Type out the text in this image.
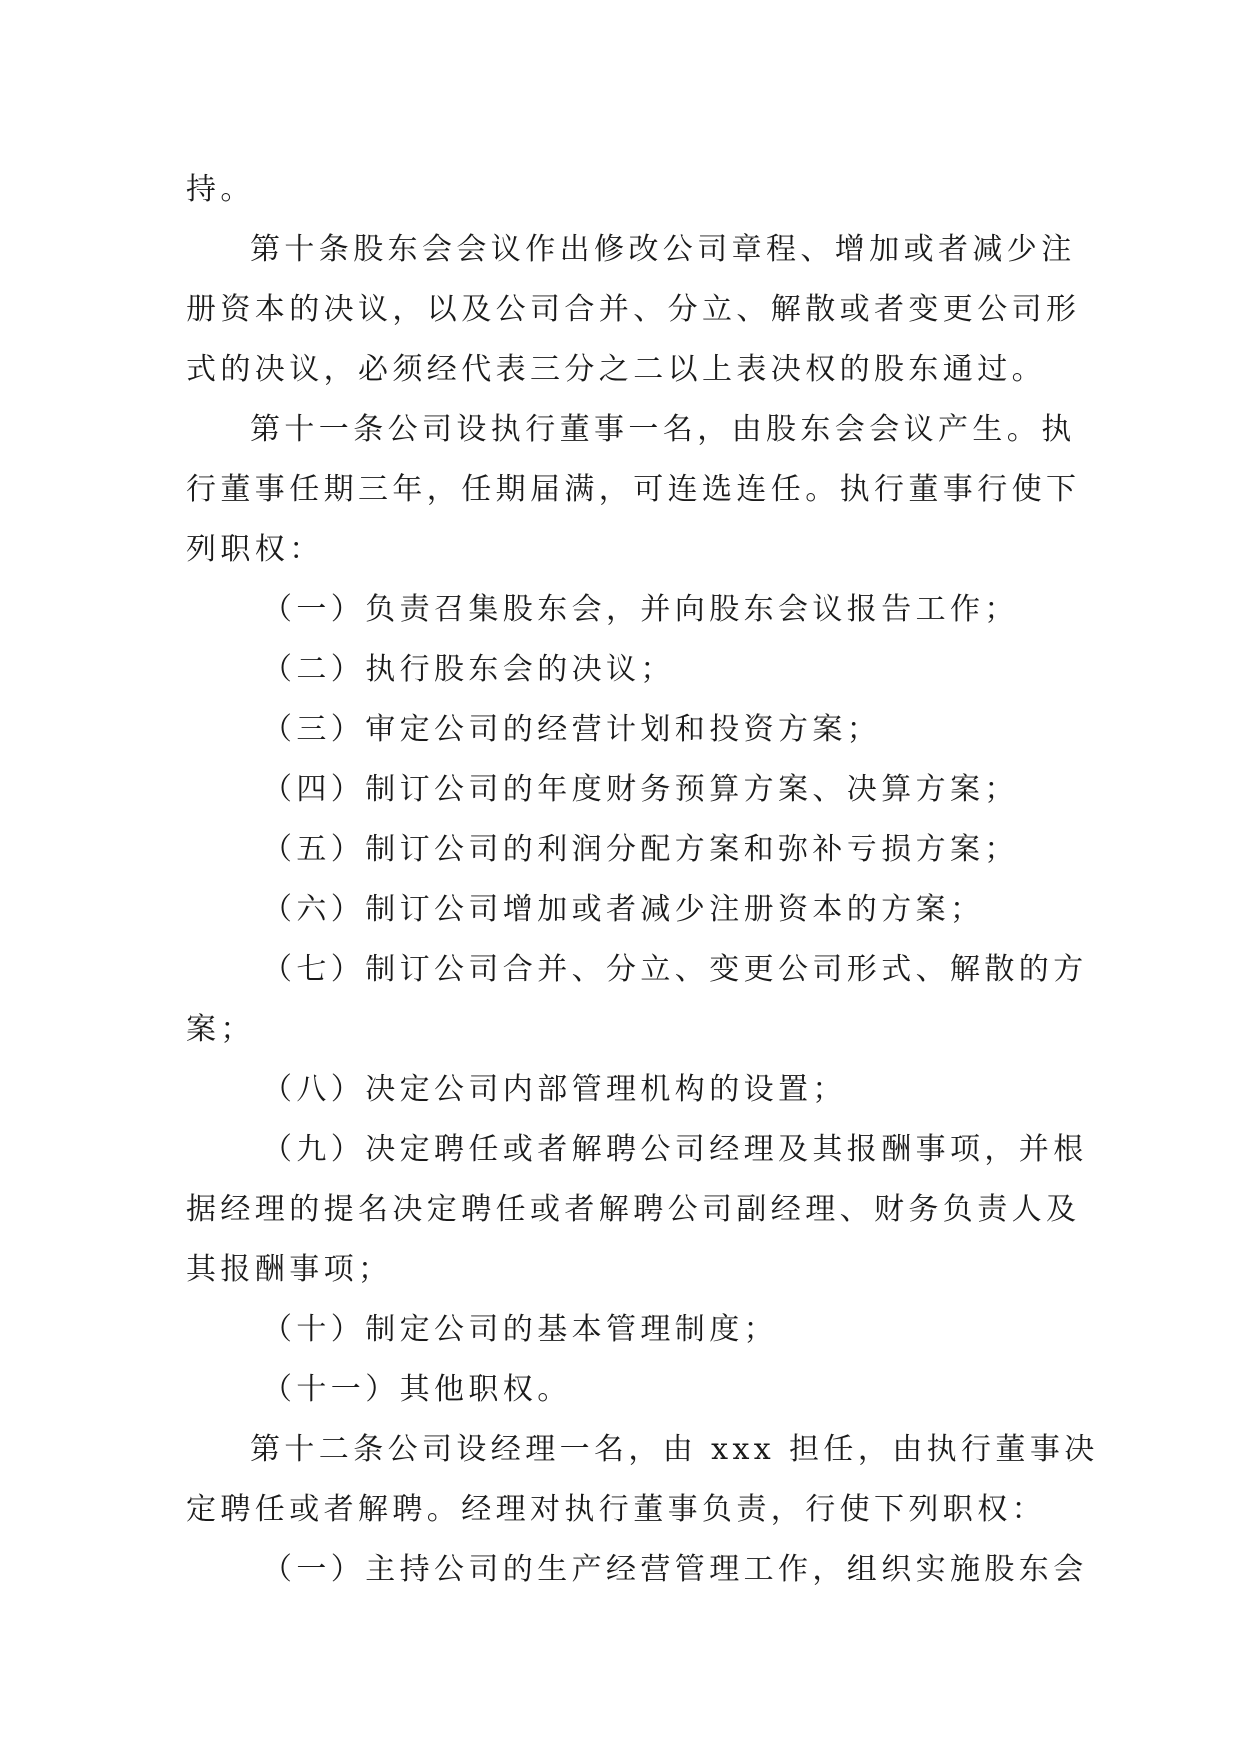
持。
第十条股东会会议作出修改公司章程、增加或者减少注
册资本的决议，以及公司合并、分立、解散或者变更公司形
式的决议，必须经代表三分之二以上表决权的股东通过。
第十一条公司设执行董事一名，由股东会会议产生。执
行董事任期三年，任期届满，可连选连任。执行董事行使下
列职权：
（一）负责召集股东会，并向股东会议报告工作；
（二）执行股东会的决议；
（三）审定公司的经营计划和投资方案；
（四）制订公司的年度财务预算方案、决算方案；
（五）制订公司的利润分配方案和弥补亏损方案；
（六）制订公司增加或者减少注册资本的方案；
（七）制订公司合并、分立、变更公司形式、解散的方
案；
（八）决定公司内部管理机构的设置；
（九）决定聘任或者解聘公司经理及其报酬事项，并根
据经理的提名决定聘任或者解聘公司副经理、财务负责人及
其报酬事项；
（十）制定公司的基本管理制度；
（十一）其他职权。
第十二条公司设经理一名，由 xxx 担任，由执行董事决
定聘任或者解聘。经理对执行董事负责，行使下列职权：
（一）主持公司的生产经营管理工作，组织实施股东会
